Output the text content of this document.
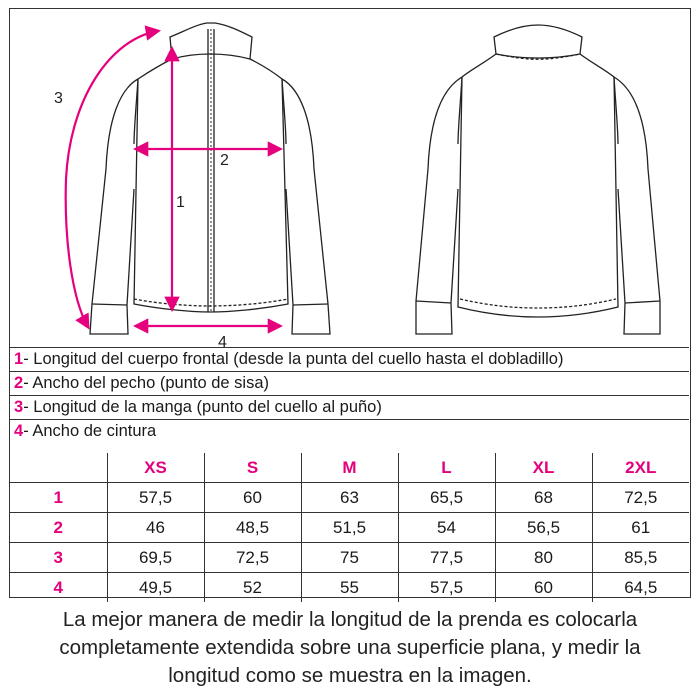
1
2
3
4
1- Longitud del cuerpo frontal (desde la punta del cuello hasta el dobladillo)
2- Ancho del pecho (punto de sisa)
3- Longitud de la manga (punto del cuello al puño)
4- Ancho de cintura
	XS	S	M	L	XL	2XL
1	57,5	60	63	65,5	68	72,5
2	46	48,5	51,5	54	56,5	61
3	69,5	72,5	75	77,5	80	85,5
4	49,5	52	55	57,5	60	64,5
La mejor manera de medir la longitud de la prenda es colocarla
completamente extendida sobre una superficie plana, y medir la
longitud como se muestra en la imagen.
